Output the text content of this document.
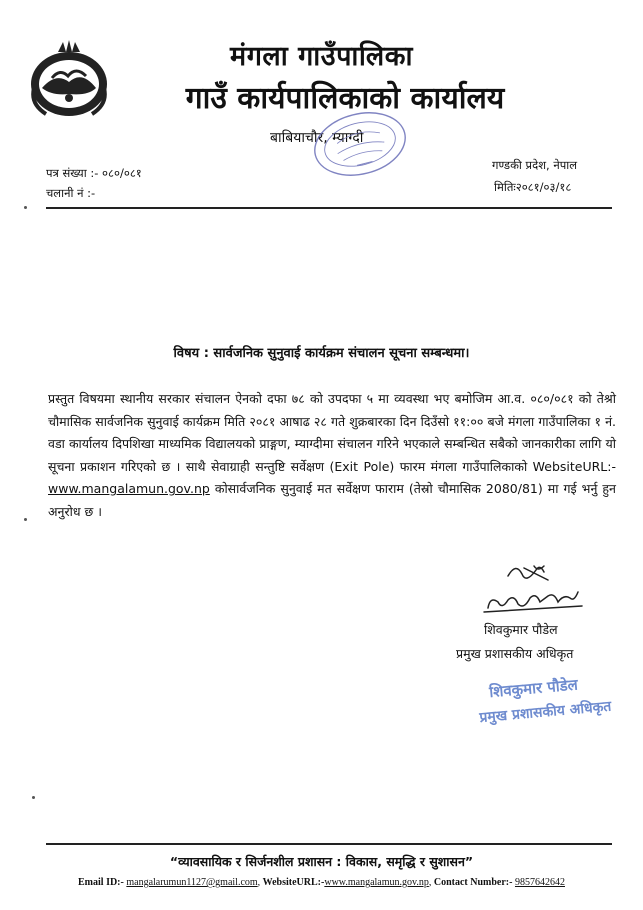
मंगला गाउँपालिका
गाउँ कार्यपालिकाको कार्यालय
बाबियाचौर, म्याग्दी
पत्र संख्या :- ०८०/०८१
चलानी नं :-
गण्डकी प्रदेश, नेपाल
मितिः२०८१/०३/१८
विषय : सार्वजनिक सुनुवाई कार्यक्रम संचालन सूचना सम्बन्धमा।
प्रस्तुत विषयमा स्थानीय सरकार संचालन ऐनको दफा ७८ को उपदफा ५ मा व्यवस्था भए बमोजिम आ.व. ०८०/०८१ को तेश्रो चौमासिक सार्वजनिक सुनुवाई कार्यक्रम मिति २०८१ आषाढ २८ गते शुक्रबारका दिन दिउँसो ११:०० बजे मंगला गाउँपालिका १ नं. वडा कार्यालय दिपशिखा माध्यमिक विद्यालयको प्राङ्गण, म्याग्दीमा संचालन गरिने भएकाले सम्बन्धित सबैको जानकारीका लागि यो सूचना प्रकाशन गरिएको छ । साथै सेवाग्राही सन्तुष्टि सर्वेक्षण (Exit Pole) फारम मंगला गाउँपालिकाको WebsiteURL:- www.mangalamun.gov.np कोसार्वजनिक सुनुवाई मत सर्वेक्षण फाराम (तेस्रो चौमासिक 2080/81) मा गई भर्नु हुन अनुरोध छ ।
शिवकुमार पौडेल
प्रमुख प्रशासकीय अधिकृत
शिवकुमार पौडेल
प्रमुख प्रशासकीय अधिकृत
“व्यावसायिक र सिर्जनशील प्रशासन : विकास, समृद्धि र सुशासन”
Email ID:- mangalarumun1127@gmail.com, WebsiteURL:-www.mangalamun.gov.np, Contact Number:- 9857642642
